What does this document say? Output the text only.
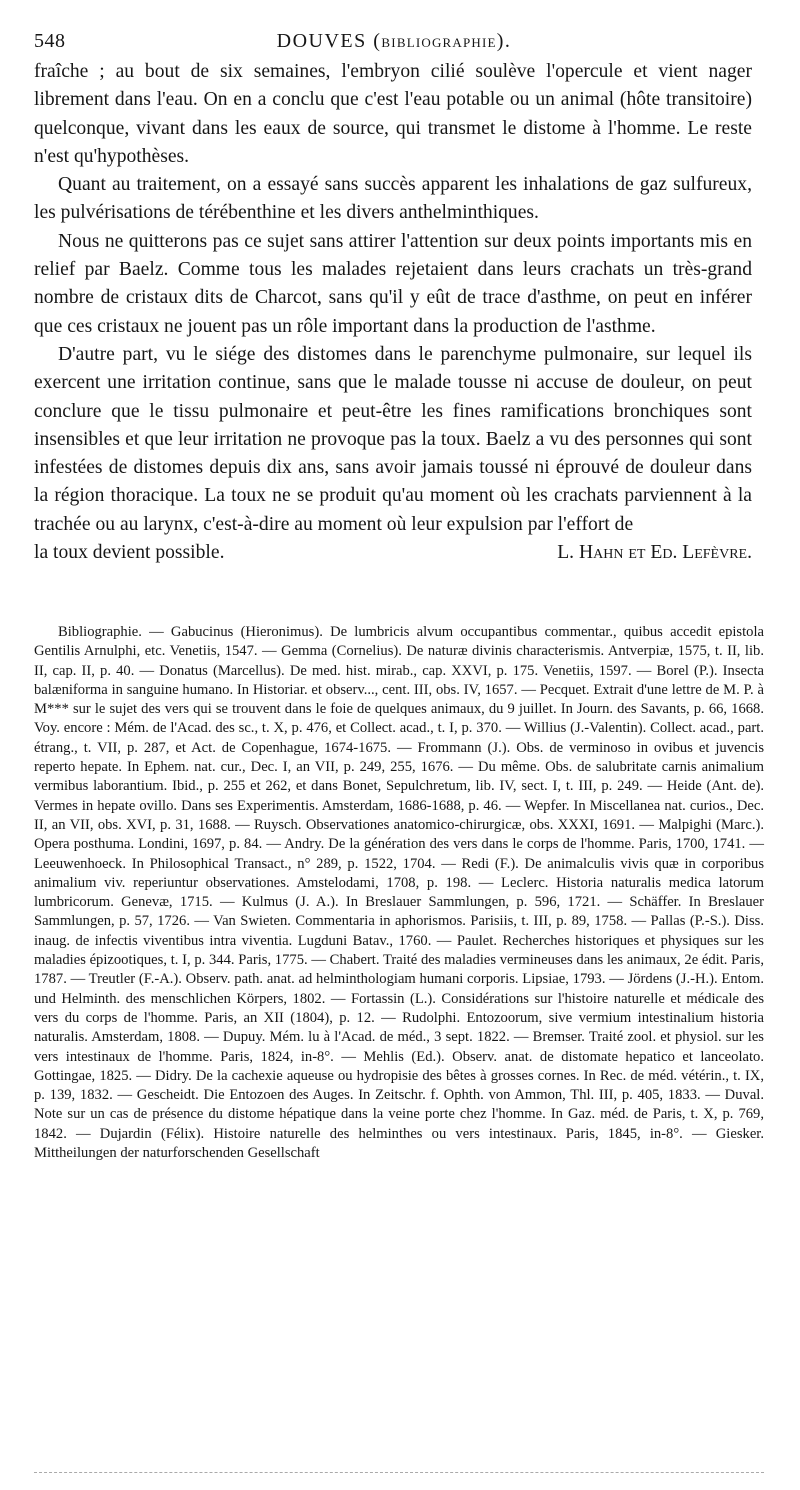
548	DOUVES (BIBLIOGRAPHIE).

fraîche ; au bout de six semaines, l'embryon cilié soulève l'opercule et vient nager librement dans l'eau. On en a conclu que c'est l'eau potable ou un animal (hôte transitoire) quelconque, vivant dans les eaux de source, qui transmet le distome à l'homme. Le reste n'est qu'hypothèses.

Quant au traitement, on a essayé sans succès apparent les inhalations de gaz sulfureux, les pulvérisations de térébenthine et les divers anthelminthiques.

Nous ne quitterons pas ce sujet sans attirer l'attention sur deux points importants mis en relief par Baelz. Comme tous les malades rejetaient dans leurs crachats un très-grand nombre de cristaux dits de Charcot, sans qu'il y eût de trace d'asthme, on peut en inférer que ces cristaux ne jouent pas un rôle important dans la production de l'asthme.

D'autre part, vu le siége des distomes dans le parenchyme pulmonaire, sur lequel ils exercent une irritation continue, sans que le malade tousse ni accuse de douleur, on peut conclure que le tissu pulmonaire et peut-être les fines ramifications bronchiques sont insensibles et que leur irritation ne provoque pas la toux. Baelz a vu des personnes qui sont infestées de distomes depuis dix ans, sans avoir jamais toussé ni éprouvé de douleur dans la région thoracique. La toux ne se produit qu'au moment où les crachats parviennent à la trachée ou au larynx, c'est-à-dire au moment où leur expulsion par l'effort de

la toux devient possible.	L. Hahn et Ed. Lefèvre.

Bibliographie. — Gabucinus (Hieronimus). De lumbricis alvum occupantibus commentar., quibus accedit epistola Gentilis Arnulphi, etc. Venetiis, 1547. — Gemma (Cornelius). De naturæ divinis characterismis. Antverpiæ, 1575, t. II, lib. II, cap. II, p. 40. — Donatus (Marcellus). De med. hist. mirab., cap. XXVI, p. 175. Venetiis, 1597. — Borel (P.). Insecta balæniforma in sanguine humano. In Historiar. et observ..., cent. III, obs. IV, 1657. — Pecquet. Extrait d'une lettre de M. P. à M*** sur le sujet des vers qui se trouvent dans le foie de quelques animaux, du 9 juillet. In Journ. des Savants, p. 66, 1668. Voy. encore : Mém. de l'Acad. des sc., t. X, p. 476, et Collect. acad., t. I, p. 370. — Willius (J.-Valentin). Collect. acad., part. étrang., t. VII, p. 287, et Act. de Copenhague, 1674-1675. — Frommann (J.). Obs. de verminoso in ovibus et juvencis reperto hepate. In Ephem. nat. cur., Dec. I, an VII, p. 249, 255, 1676. — Du même. Obs. de salubritate carnis animalium vermibus laborantium. Ibid., p. 255 et 262, et dans Bonet, Sepulchretum, lib. IV, sect. I, t. III, p. 249. — Heide (Ant. de). Vermes in hepate ovillo. Dans ses Experimentis. Amsterdam, 1686-1688, p. 46. — Wepfer. In Miscellanea nat. curios., Dec. II, an VII, obs. XVI, p. 31, 1688. — Ruysch. Observationes anatomico-chirurgicæ, obs. XXXI, 1691. — Malpighi (Marc.). Opera posthuma. Londini, 1697, p. 84. — Andry. De la génération des vers dans le corps de l'homme. Paris, 1700, 1741. — Leeuwenhoeck. In Philosophical Transact., n° 289, p. 1522, 1704. — Redi (F.). De animalculis vivis quæ in corporibus animalium viv. reperiuntur observationes. Amstelodami, 1708, p. 198. — Leclerc. Historia naturalis medica latorum lumbricorum. Genevæ, 1715. — Kulmus (J. A.). In Breslauer Sammlungen, p. 596, 1721. — Schäffer. In Breslauer Sammlungen, p. 57, 1726. — Van Swieten. Commentaria in aphorismos. Parisiis, t. III, p. 89, 1758. — Pallas (P.-S.). Diss. inaug. de infectis viventibus intra viventia. Lugduni Batav., 1760. — Paulet. Recherches historiques et physiques sur les maladies épizootiques, t. I, p. 344. Paris, 1775. — Chabert. Traité des maladies vermineuses dans les animaux, 2e édit. Paris, 1787. — Treutler (F.-A.). Observ. path. anat. ad helminthologiam humani corporis. Lipsiae, 1793. — Jördens (J.-H.). Entom. und Helminth. des menschlichen Körpers, 1802. — Fortassin (L.). Considérations sur l'histoire naturelle et médicale des vers du corps de l'homme. Paris, an XII (1804), p. 12. — Rudolphi. Entozoorum, sive vermium intestinalium historia naturalis. Amsterdam, 1808. — Dupuy. Mém. lu à l'Acad. de méd., 3 sept. 1822. — Bremser. Traité zool. et physiol. sur les vers intestinaux de l'homme. Paris, 1824, in-8°. — Mehlis (Ed.). Observ. anat. de distomate hepatico et lanceolato. Gottingae, 1825. — Didry. De la cachexie aqueuse ou hydropisie des bêtes à grosses cornes. In Rec. de méd. vétérin., t. IX, p. 139, 1832. — Gescheidt. Die Entozoen des Auges. In Zeitschr. f. Ophth. von Ammon, Thl. III, p. 405, 1833. — Duval. Note sur un cas de présence du distome hépatique dans la veine porte chez l'homme. In Gaz. méd. de Paris, t. X, p. 769, 1842. — Dujardin (Félix). Histoire naturelle des helminthes ou vers intestinaux. Paris, 1845, in-8°. — Giesker. Mittheilungen der naturforschenden Gesellschaft
